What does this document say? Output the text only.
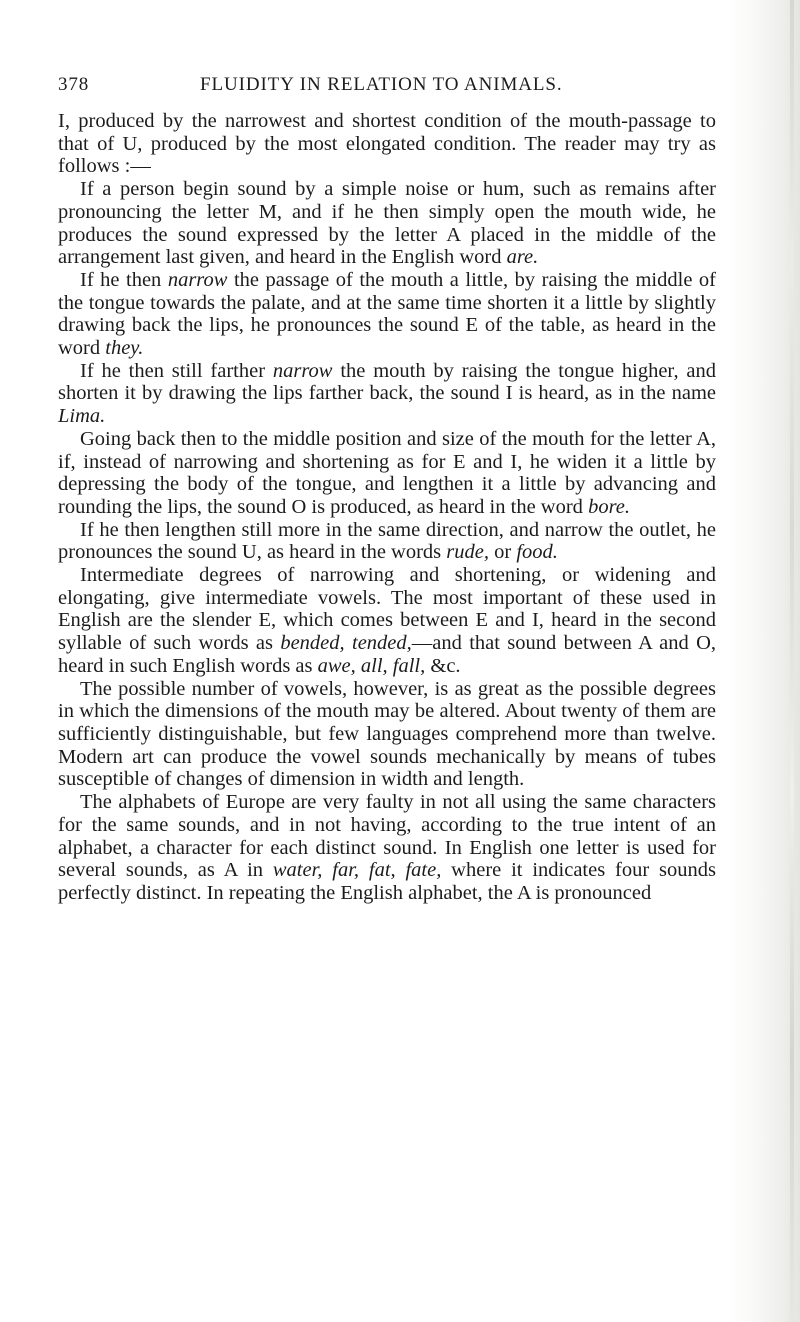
378	FLUIDITY IN RELATION TO ANIMALS.

I, produced by the narrowest and shortest condition of the mouth-passage to that of U, produced by the most elongated condition. The reader may try as follows :—

If a person begin sound by a simple noise or hum, such as remains after pronouncing the letter M, and if he then simply open the mouth wide, he produces the sound expressed by the letter A placed in the middle of the arrangement last given, and heard in the English word are.

If he then narrow the passage of the mouth a little, by raising the middle of the tongue towards the palate, and at the same time shorten it a little by slightly drawing back the lips, he pronounces the sound E of the table, as heard in the word they.

If he then still farther narrow the mouth by raising the tongue higher, and shorten it by drawing the lips farther back, the sound I is heard, as in the name Lima.

Going back then to the middle position and size of the mouth for the letter A, if, instead of narrowing and shortening as for E and I, he widen it a little by depressing the body of the tongue, and lengthen it a little by advancing and rounding the lips, the sound O is produced, as heard in the word bore.

If he then lengthen still more in the same direction, and narrow the outlet, he pronounces the sound U, as heard in the words rude, or food.

Intermediate degrees of narrowing and shortening, or widening and elongating, give intermediate vowels. The most important of these used in English are the slender E, which comes between E and I, heard in the second syllable of such words as bended, tended,—and that sound between A and O, heard in such English words as awe, all, fall, &c.

The possible number of vowels, however, is as great as the possible degrees in which the dimensions of the mouth may be altered. About twenty of them are sufficiently distinguishable, but few languages comprehend more than twelve. Modern art can produce the vowel sounds mechanically by means of tubes susceptible of changes of dimension in width and length.

The alphabets of Europe are very faulty in not all using the same characters for the same sounds, and in not having, according to the true intent of an alphabet, a character for each distinct sound. In English one letter is used for several sounds, as A in water, far, fat, fate, where it indicates four sounds perfectly distinct. In repeating the English alphabet, the A is pronounced
